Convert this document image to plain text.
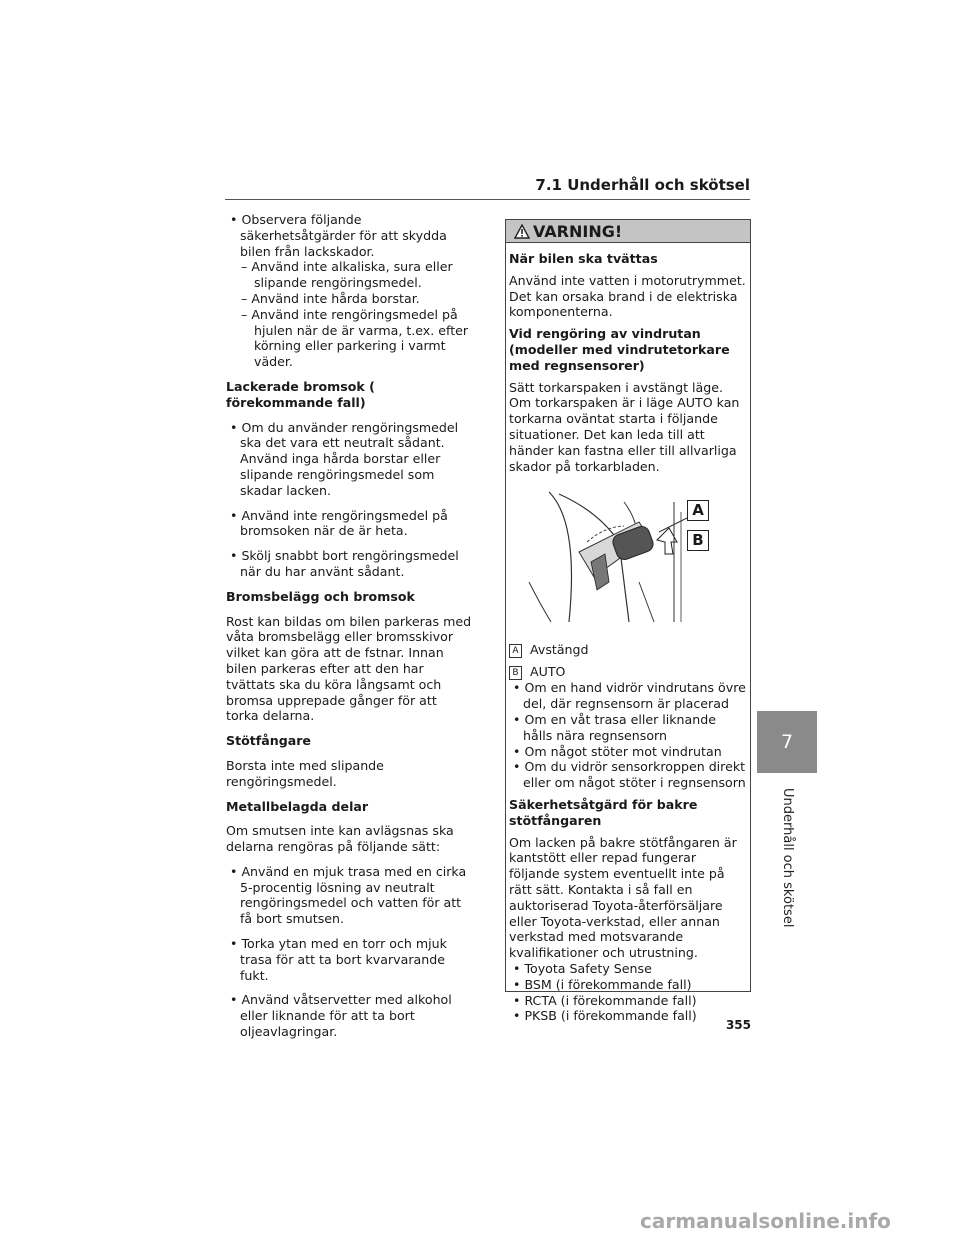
7.1 Underhåll och skötsel

• Observera följande säkerhetsåtgärder för att skydda bilen från lackskador.

– Använd inte alkaliska, sura eller slipande rengöringsmedel.

– Använd inte hårda borstar.

– Använd inte rengöringsmedel på hjulen när de är varma, t.ex. efter körning eller parkering i varmt väder.

Lackerade bromsok ( förekommande fall)

• Om du använder rengöringsmedel ska det vara ett neutralt sådant. Använd inga hårda borstar eller slipande rengöringsmedel som skadar lacken.

• Använd inte rengöringsmedel på bromsoken när de är heta.

• Skölj snabbt bort rengöringsmedel när du har använt sådant.

Bromsbelägg och bromsok

Rost kan bildas om bilen parkeras med våta bromsbelägg eller bromsskivor vilket kan göra att de fstnar. Innan bilen parkeras efter att den har tvättats ska du köra långsamt och bromsa upprepade gånger för att torka delarna.

Stötfångare

Borsta inte med slipande rengöringsmedel.

Metallbelagda delar

Om smutsen inte kan avlägsnas ska delarna rengöras på följande sätt:

• Använd en mjuk trasa med en cirka 5-procentig lösning av neutralt rengöringsmedel och vatten för att få bort smutsen.

• Torka ytan med en torr och mjuk trasa för att ta bort kvarvarande fukt.

• Använd våtservetter med alkohol eller liknande för att ta bort oljeavlagringar.

VARNING!

När bilen ska tvättas

Använd inte vatten i motorutrymmet. Det kan orsaka brand i de elektriska komponenterna.

Vid rengöring av vindrutan (modeller med vindrutetorkare med regnsensorer)

Sätt torkarspaken i avstängt läge. Om torkarspaken är i läge AUTO kan torkarna oväntat starta i följande situationer. Det kan leda till att händer kan fastna eller till allvarliga skador på torkarbladen.

A
B

A Avstängd

B AUTO

• Om en hand vidrör vindrutans övre del, där regnsensorn är placerad

• Om en våt trasa eller liknande hålls nära regnsensorn

• Om något stöter mot vindrutan

• Om du vidrör sensorkroppen direkt eller om något stöter i regnsensorn

Säkerhetsåtgärd för bakre stötfångaren

Om lacken på bakre stötfångaren är kantstött eller repad fungerar följande system eventuellt inte på rätt sätt. Kontakta i så fall en auktoriserad Toyota-återförsäljare eller Toyota-verkstad, eller annan verkstad med motsvarande kvalifikationer och utrustning.

• Toyota Safety Sense

• BSM (i förekommande fall)

• RCTA (i förekommande fall)

• PKSB (i förekommande fall)

7
Underhåll och skötsel
355
carmanualsonline.info
